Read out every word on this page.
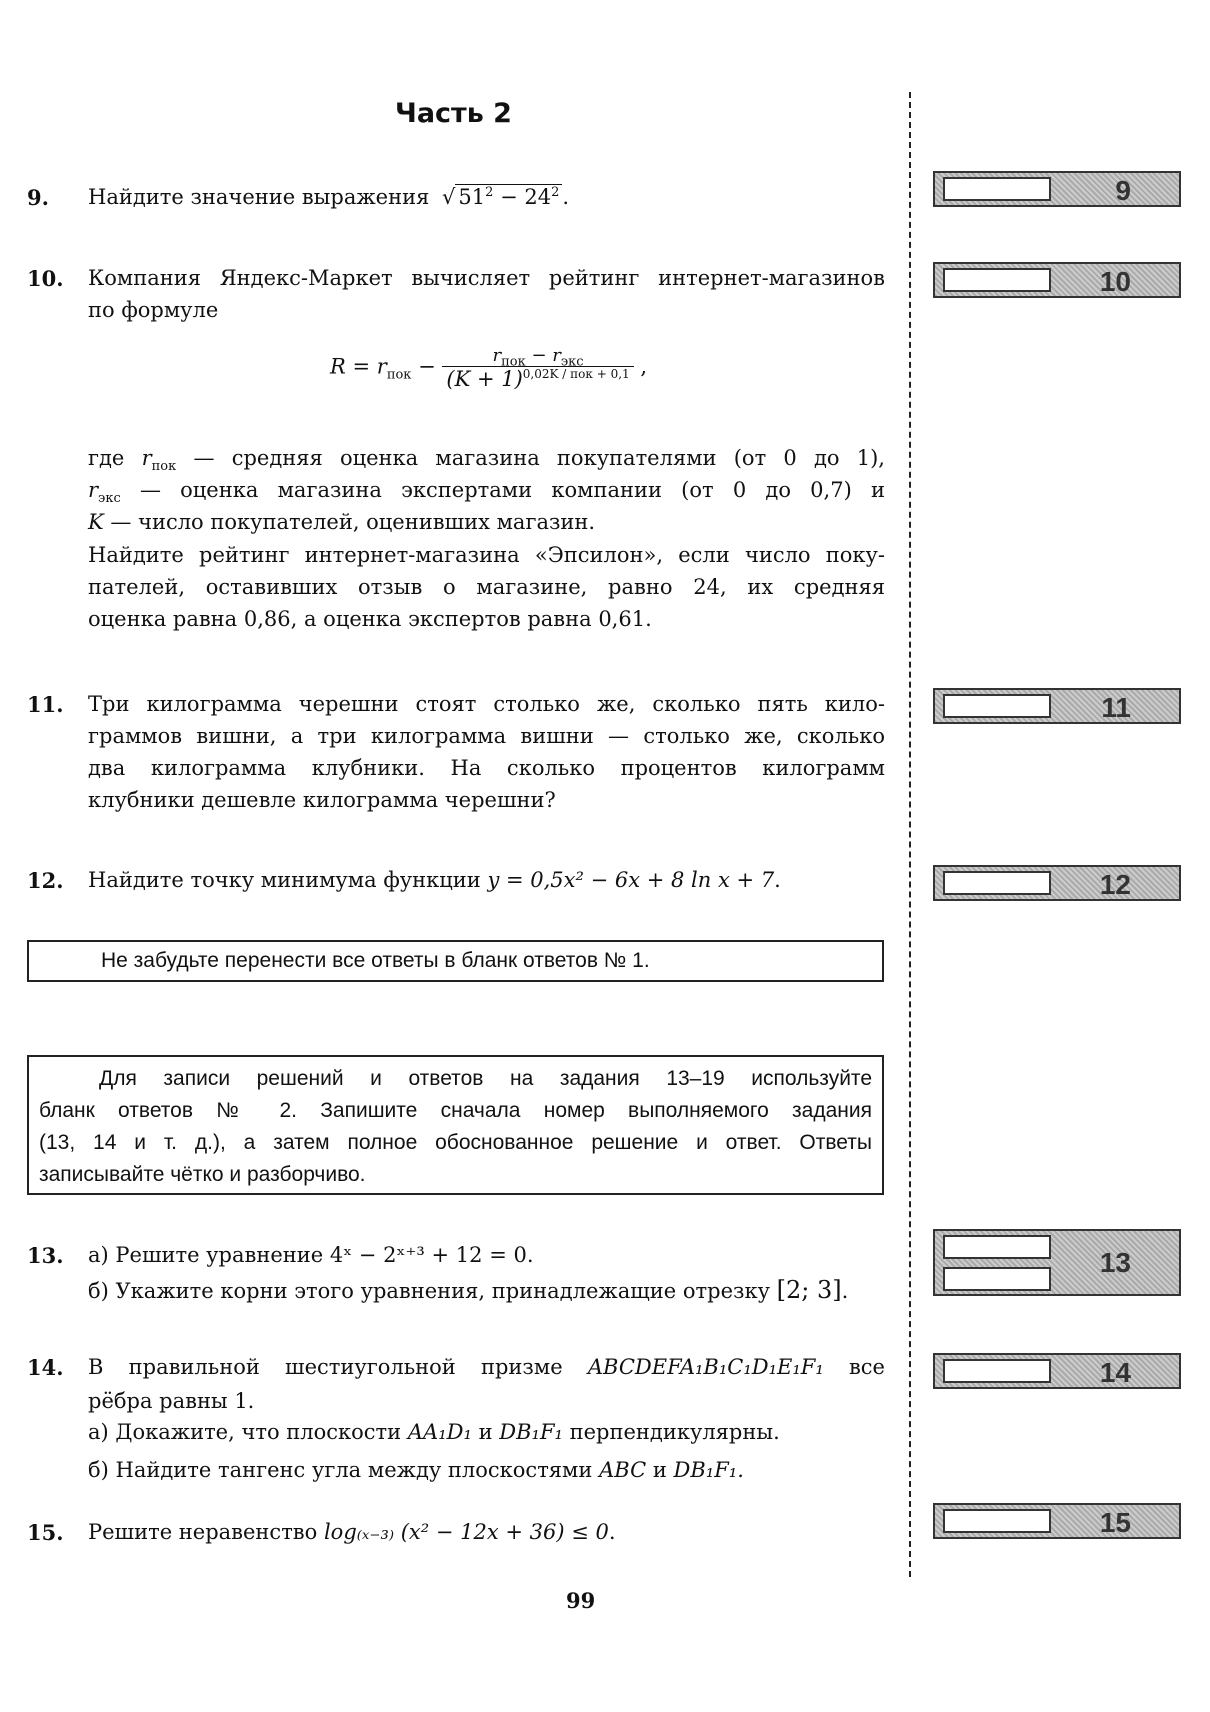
Часть 2
9. Найдите значение выражения √ $51^2 - 24^2$ .	9
10. Компания Яндекс-Маркет вычисляет рейтинг интернет-магазинов
по формуле
$R = r_{пок} - \frac{r_{пок} - r_{экс}}{(K + 1)^{0,02K / пок + 0,1}}$ ,
где $r_{пок}$ — средняя оценка магазина покупателями (от 0 до 1),
$r_{экс}$ — оценка магазина экспертами компании (от 0 до 0,7) и
K — число покупателей, оценивших магазин.
Найдите рейтинг интернет-магазина «Эпсилон», если число поку-
пателей, оставивших отзыв о магазине, равно 24, их средняя
оценка равна 0,86, а оценка экспертов равна 0,61.
10
11. Три килограмма черешни стоят столько же, сколько пять кило-
граммов вишни, а три килограмма вишни — столько же, сколько
два килограмма клубники. На сколько процентов килограмм
клубники дешевле килограмма черешни?
11
12. Найдите точку минимума функции y = 0,5x² − 6x + 8 ln x + 7.	12
Не забудьте перенести все ответы в бланк ответов № 1.
Для записи решений и ответов на задания 13–19 используйте
бланк ответов № 2. Запишите сначала номер выполняемого задания
(13, 14 и т. д.), а затем полное обоснованное решение и ответ. Ответы
записывайте чётко и разборчиво.
13. а) Решите уравнение 4ˣ − 2ˣ⁺³ + 12 = 0.
б) Укажите корни этого уравнения, принадлежащие отрезку [2; 3].
13
14. В правильной шестиугольной призме ABCDEFA₁B₁C₁D₁E₁F₁ все
рёбра равны 1.
а) Докажите, что плоскости AA₁D₁ и DB₁F₁ перпендикулярны.
б) Найдите тангенс угла между плоскостями ABC и DB₁F₁.
14
15. Решите неравенство log₍ₓ₋₃₎ (x² − 12x + 36) ≤ 0.	15
99
